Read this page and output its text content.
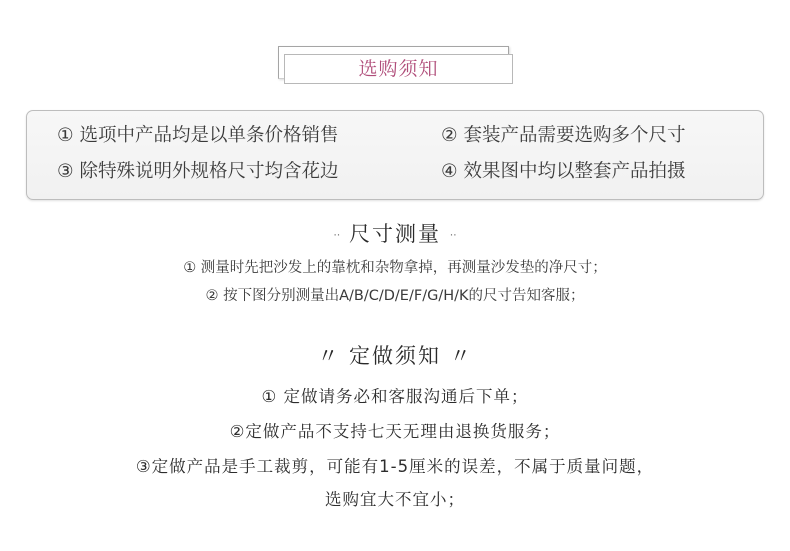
选购须知
① 选项中产品均是以单条价格销售	② 套装产品需要选购多个尺寸
③ 除特殊说明外规格尺寸均含花边	④ 效果图中均以整套产品拍摄
·· 尺寸测量 ··
① 测量时先把沙发上的靠枕和杂物拿掉，再测量沙发垫的净尺寸；
② 按下图分别测量出A/B/C/D/E/F/G/H/K的尺寸告知客服；
〃 定做须知 〃
① 定做请务必和客服沟通后下单；
②定做产品不支持七天无理由退换货服务；
③定做产品是手工裁剪，可能有1-5厘米的误差，不属于质量问题，
选购宜大不宜小；
